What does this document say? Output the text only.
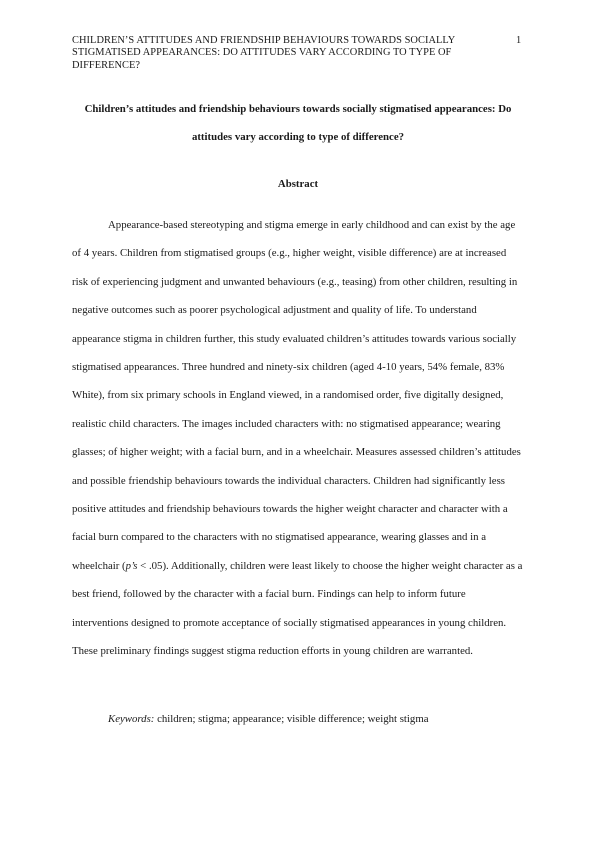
CHILDREN’S ATTITUDES AND FRIENDSHIP BEHAVIOURS TOWARDS SOCIALLY STIGMATISED APPEARANCES: DO ATTITUDES VARY ACCORDING TO TYPE OF DIFFERENCE?
1
Children’s attitudes and friendship behaviours towards socially stigmatised appearances: Do attitudes vary according to type of difference?
Abstract

Appearance-based stereotyping and stigma emerge in early childhood and can exist by the age of 4 years. Children from stigmatised groups (e.g., higher weight, visible difference) are at increased risk of experiencing judgment and unwanted behaviours (e.g., teasing) from other children, resulting in negative outcomes such as poorer psychological adjustment and quality of life. To understand appearance stigma in children further, this study evaluated children’s attitudes towards various socially stigmatised appearances. Three hundred and ninety-six children (aged 4-10 years, 54% female, 83% White), from six primary schools in England viewed, in a randomised order, five digitally designed, realistic child characters. The images included characters with: no stigmatised appearance; wearing glasses; of higher weight; with a facial burn, and in a wheelchair. Measures assessed children’s attitudes and possible friendship behaviours towards the individual characters. Children had significantly less positive attitudes and friendship behaviours towards the higher weight character and character with a facial burn compared to the characters with no stigmatised appearance, wearing glasses and in a wheelchair (p’s < .05). Additionally, children were least likely to choose the higher weight character as a best friend, followed by the character with a facial burn. Findings can help to inform future interventions designed to promote acceptance of socially stigmatised appearances in young children. These preliminary findings suggest stigma reduction efforts in young children are warranted.

Keywords: children; stigma; appearance; visible difference; weight stigma
